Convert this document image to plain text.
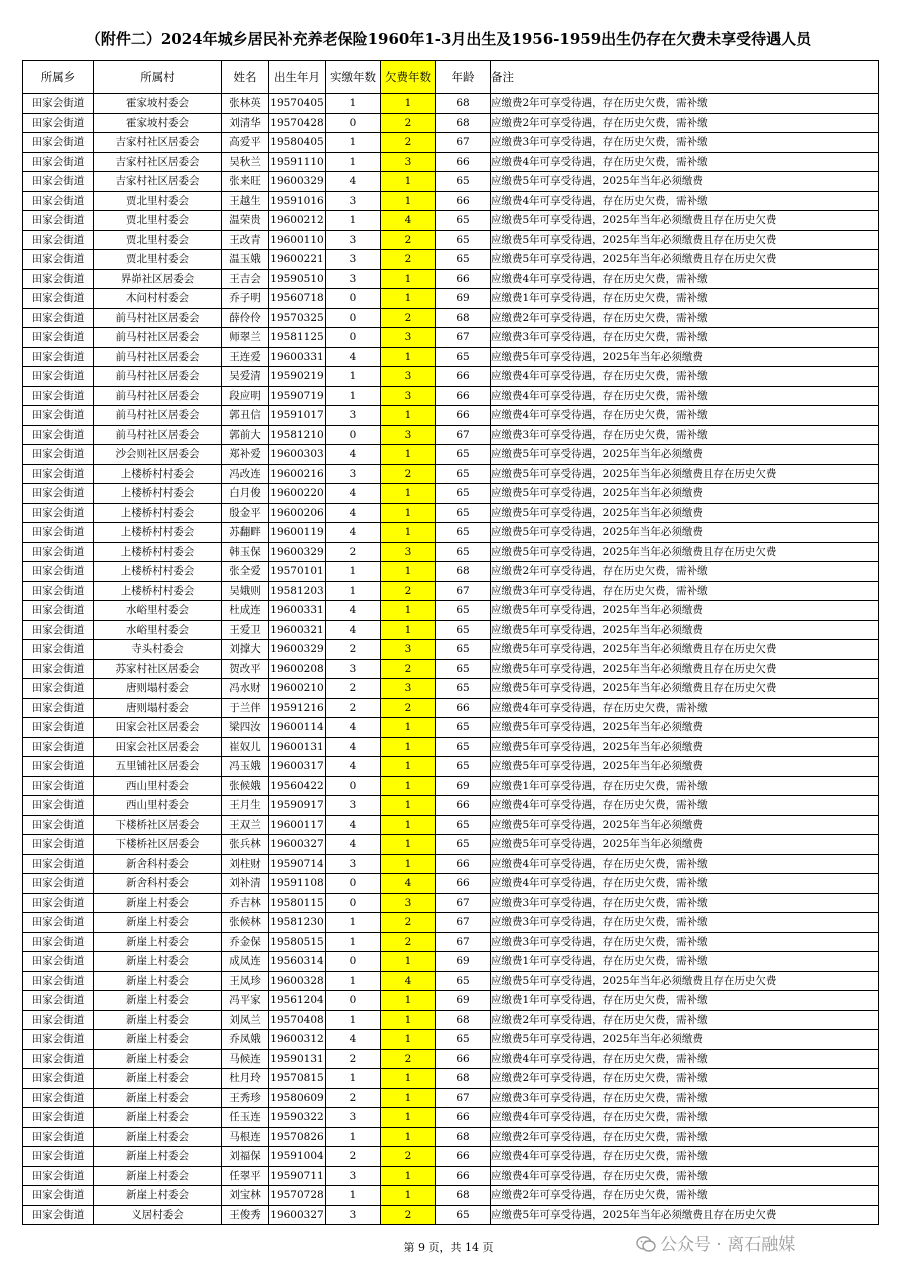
（附件二）2024年城乡居民补充养老保险1960年1-3月出生及1956-1959出生仍存在欠费未享受待遇人员
所属乡	所属村	姓名	出生年月	实缴年数	欠费年数	年龄	备注
田家会街道	霍家坡村委会	张林英	19570405	1	1	68	应缴费2年可享受待遇，存在历史欠费，需补缴
田家会街道	霍家坡村委会	刘清华	19570428	0	2	68	应缴费2年可享受待遇，存在历史欠费，需补缴
田家会街道	吉家村社区居委会	高爱平	19580405	1	2	67	应缴费3年可享受待遇，存在历史欠费，需补缴
田家会街道	吉家村社区居委会	吴秋兰	19591110	1	3	66	应缴费4年可享受待遇，存在历史欠费，需补缴
田家会街道	吉家村社区居委会	张来旺	19600329	4	1	65	应缴费5年可享受待遇，2025年当年必须缴费
田家会街道	贾北里村委会	王越生	19591016	3	1	66	应缴费4年可享受待遇，存在历史欠费，需补缴
田家会街道	贾北里村委会	温荣贵	19600212	1	4	65	应缴费5年可享受待遇，2025年当年必须缴费且存在历史欠费
田家会街道	贾北里村委会	王改青	19600110	3	2	65	应缴费5年可享受待遇，2025年当年必须缴费且存在历史欠费
田家会街道	贾北里村委会	温玉娥	19600221	3	2	65	应缴费5年可享受待遇，2025年当年必须缴费且存在历史欠费
田家会街道	界峁社区居委会	王吉会	19590510	3	1	66	应缴费4年可享受待遇，存在历史欠费，需补缴
田家会街道	木问村村委会	乔子明	19560718	0	1	69	应缴费1年可享受待遇，存在历史欠费，需补缴
田家会街道	前马村社区居委会	薛伶伶	19570325	0	2	68	应缴费2年可享受待遇，存在历史欠费，需补缴
田家会街道	前马村社区居委会	师翠兰	19581125	0	3	67	应缴费3年可享受待遇，存在历史欠费，需补缴
田家会街道	前马村社区居委会	王连爱	19600331	4	1	65	应缴费5年可享受待遇，2025年当年必须缴费
田家会街道	前马村社区居委会	吴爱清	19590219	1	3	66	应缴费4年可享受待遇，存在历史欠费，需补缴
田家会街道	前马村社区居委会	段应明	19590719	1	3	66	应缴费4年可享受待遇，存在历史欠费，需补缴
田家会街道	前马村社区居委会	郭丑信	19591017	3	1	66	应缴费4年可享受待遇，存在历史欠费，需补缴
田家会街道	前马村社区居委会	郭前大	19581210	0	3	67	应缴费3年可享受待遇，存在历史欠费，需补缴
田家会街道	沙会则社区居委会	郑补爱	19600303	4	1	65	应缴费5年可享受待遇，2025年当年必须缴费
田家会街道	上楼桥村村委会	冯改连	19600216	3	2	65	应缴费5年可享受待遇，2025年当年必须缴费且存在历史欠费
田家会街道	上楼桥村村委会	白月俊	19600220	4	1	65	应缴费5年可享受待遇，2025年当年必须缴费
田家会街道	上楼桥村村委会	殷金平	19600206	4	1	65	应缴费5年可享受待遇，2025年当年必须缴费
田家会街道	上楼桥村村委会	苏翻畔	19600119	4	1	65	应缴费5年可享受待遇，2025年当年必须缴费
田家会街道	上楼桥村村委会	韩玉保	19600329	2	3	65	应缴费5年可享受待遇，2025年当年必须缴费且存在历史欠费
田家会街道	上楼桥村村委会	张全爱	19570101	1	1	68	应缴费2年可享受待遇，存在历史欠费，需补缴
田家会街道	上楼桥村村委会	吴娥则	19581203	1	2	67	应缴费3年可享受待遇，存在历史欠费，需补缴
田家会街道	水峪里村委会	杜成连	19600331	4	1	65	应缴费5年可享受待遇，2025年当年必须缴费
田家会街道	水峪里村委会	王爱卫	19600321	4	1	65	应缴费5年可享受待遇，2025年当年必须缴费
田家会街道	寺头村委会	刘撑大	19600329	2	3	65	应缴费5年可享受待遇，2025年当年必须缴费且存在历史欠费
田家会街道	苏家村社区居委会	贺改平	19600208	3	2	65	应缴费5年可享受待遇，2025年当年必须缴费且存在历史欠费
田家会街道	唐则塌村委会	冯水财	19600210	2	3	65	应缴费5年可享受待遇，2025年当年必须缴费且存在历史欠费
田家会街道	唐则塌村委会	于兰伴	19591216	2	2	66	应缴费4年可享受待遇，存在历史欠费，需补缴
田家会街道	田家会社区居委会	梁四汝	19600114	4	1	65	应缴费5年可享受待遇，2025年当年必须缴费
田家会街道	田家会社区居委会	崔奴儿	19600131	4	1	65	应缴费5年可享受待遇，2025年当年必须缴费
田家会街道	五里铺社区居委会	冯玉娥	19600317	4	1	65	应缴费5年可享受待遇，2025年当年必须缴费
田家会街道	西山里村委会	张候娥	19560422	0	1	69	应缴费1年可享受待遇，存在历史欠费，需补缴
田家会街道	西山里村委会	王月生	19590917	3	1	66	应缴费4年可享受待遇，存在历史欠费，需补缴
田家会街道	下楼桥社区居委会	王双兰	19600117	4	1	65	应缴费5年可享受待遇，2025年当年必须缴费
田家会街道	下楼桥社区居委会	张兵林	19600327	4	1	65	应缴费5年可享受待遇，2025年当年必须缴费
田家会街道	新舍科村委会	刘柱财	19590714	3	1	66	应缴费4年可享受待遇，存在历史欠费，需补缴
田家会街道	新舍科村委会	刘补清	19591108	0	4	66	应缴费4年可享受待遇，存在历史欠费，需补缴
田家会街道	新崖上村委会	乔吉林	19580115	0	3	67	应缴费3年可享受待遇，存在历史欠费，需补缴
田家会街道	新崖上村委会	张候林	19581230	1	2	67	应缴费3年可享受待遇，存在历史欠费，需补缴
田家会街道	新崖上村委会	乔金保	19580515	1	2	67	应缴费3年可享受待遇，存在历史欠费，需补缴
田家会街道	新崖上村委会	成凤连	19560314	0	1	69	应缴费1年可享受待遇，存在历史欠费，需补缴
田家会街道	新崖上村委会	王凤珍	19600328	1	4	65	应缴费5年可享受待遇，2025年当年必须缴费且存在历史欠费
田家会街道	新崖上村委会	冯平家	19561204	0	1	69	应缴费1年可享受待遇，存在历史欠费，需补缴
田家会街道	新崖上村委会	刘凤兰	19570408	1	1	68	应缴费2年可享受待遇，存在历史欠费，需补缴
田家会街道	新崖上村委会	乔凤娥	19600312	4	1	65	应缴费5年可享受待遇，2025年当年必须缴费
田家会街道	新崖上村委会	马候连	19590131	2	2	66	应缴费4年可享受待遇，存在历史欠费，需补缴
田家会街道	新崖上村委会	杜月玲	19570815	1	1	68	应缴费2年可享受待遇，存在历史欠费，需补缴
田家会街道	新崖上村委会	王秀珍	19580609	2	1	67	应缴费3年可享受待遇，存在历史欠费，需补缴
田家会街道	新崖上村委会	任玉连	19590322	3	1	66	应缴费4年可享受待遇，存在历史欠费，需补缴
田家会街道	新崖上村委会	马根连	19570826	1	1	68	应缴费2年可享受待遇，存在历史欠费，需补缴
田家会街道	新崖上村委会	刘福保	19591004	2	2	66	应缴费4年可享受待遇，存在历史欠费，需补缴
田家会街道	新崖上村委会	任翠平	19590711	3	1	66	应缴费4年可享受待遇，存在历史欠费，需补缴
田家会街道	新崖上村委会	刘宝林	19570728	1	1	68	应缴费2年可享受待遇，存在历史欠费，需补缴
田家会街道	义居村委会	王俊秀	19600327	3	2	65	应缴费5年可享受待遇，2025年当年必须缴费且存在历史欠费
第 9 页，共 14 页	公众号 · 离石融媒
